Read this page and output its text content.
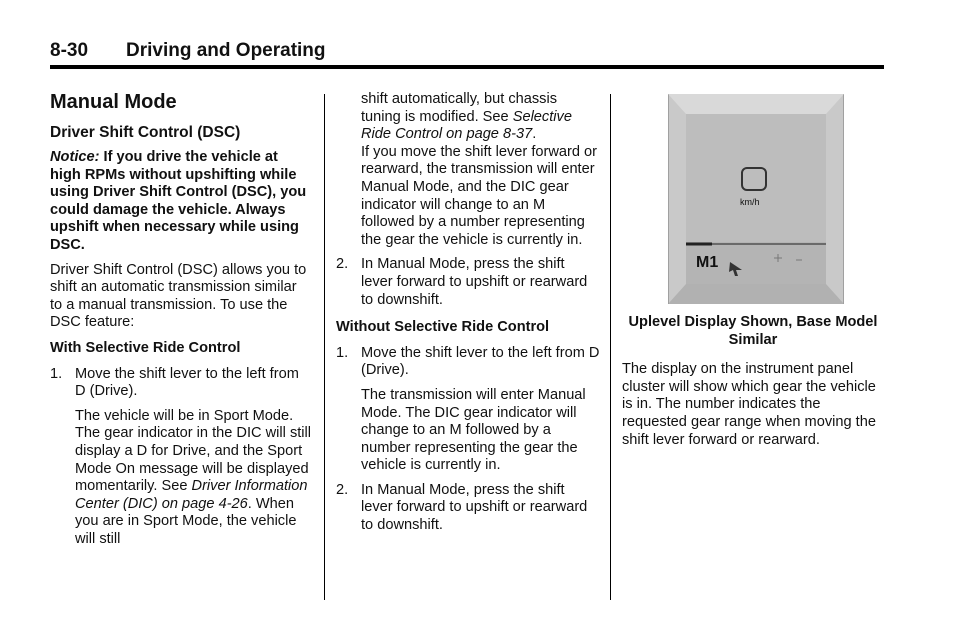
8-30 Driving and Operating

Manual Mode

Driver Shift Control (DSC)

Notice: If you drive the vehicle at high RPMs without upshifting while using Driver Shift Control (DSC), you could damage the vehicle. Always upshift when necessary while using DSC.

Driver Shift Control (DSC) allows you to shift an automatic transmission similar to a manual transmission. To use the DSC feature:

With Selective Ride Control

1. Move the shift lever to the left from D (Drive).

The vehicle will be in Sport Mode. The gear indicator in the DIC will still display a D for Drive, and the Sport Mode On message will be displayed momentarily. See Driver Information Center (DIC) on page 4‑26. When you are in Sport Mode, the vehicle will still

shift automatically, but chassis tuning is modified. See Selective Ride Control on page 8‑37.

If you move the shift lever forward or rearward, the transmission will enter Manual Mode, and the DIC gear indicator will change to an M followed by a number representing the gear the vehicle is currently in.

2. In Manual Mode, press the shift lever forward to upshift or rearward to downshift.

Without Selective Ride Control

1. Move the shift lever to the left from D (Drive).

The transmission will enter Manual Mode. The DIC gear indicator will change to an M followed by a number representing the gear the vehicle is currently in.

2. In Manual Mode, press the shift lever forward to upshift or rearward to downshift.

km/h
M1

Uplevel Display Shown, Base Model Similar

The display on the instrument panel cluster will show which gear the vehicle is in. The number indicates the requested gear range when moving the shift lever forward or rearward.
